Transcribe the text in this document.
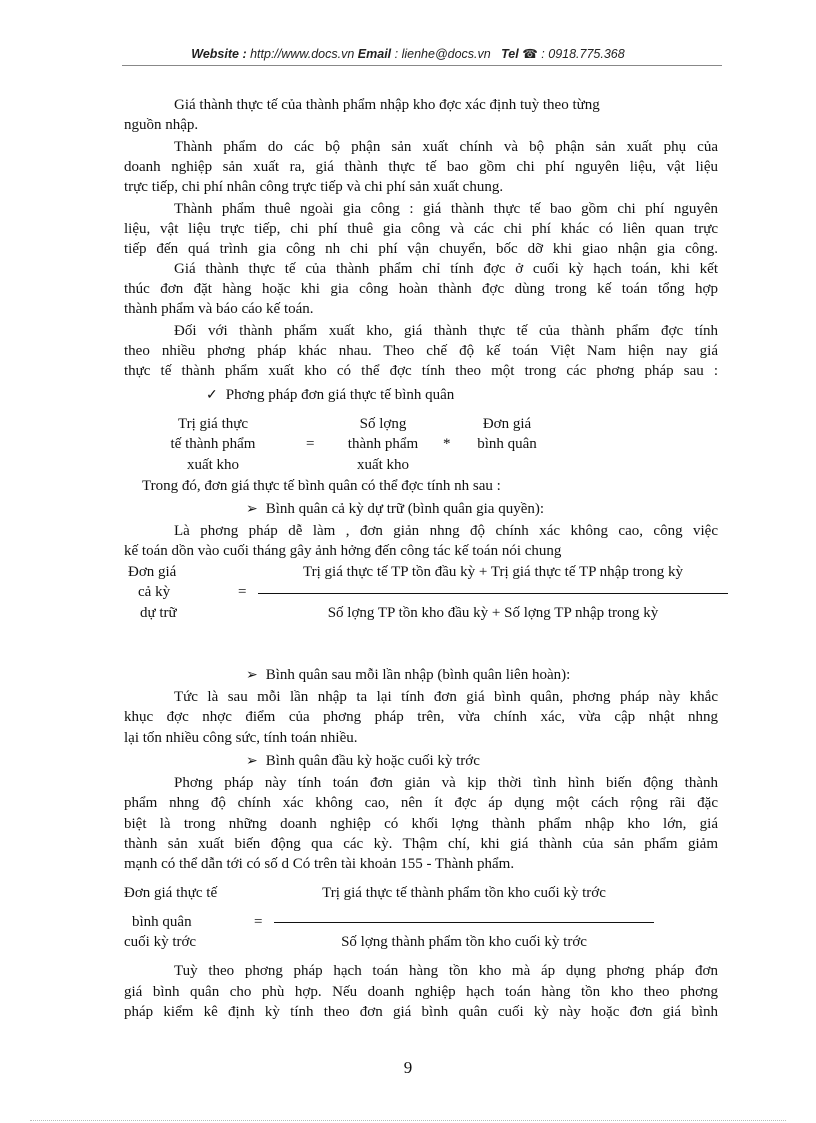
Website : http://www.docs.vn Email : lienhe@docs.vn Tel ☎ : 0918.775.368
Giá thành thực tế của thành phẩm nhập kho đợc xác định tuỳ theo từng
nguồn nhập.
Thành phẩm do các bộ phận sản xuất chính và bộ phận sản xuất phụ của
doanh nghiệp sản xuất ra, giá thành thực tế bao gồm chi phí nguyên liệu, vật liệu
trực tiếp, chi phí nhân công trực tiếp và chi phí sản xuất chung.
Thành phẩm thuê ngoài gia công : giá thành thực tế bao gồm chi phí nguyên
liệu, vật liệu trực tiếp, chi phí thuê gia công và các chi phí khác có liên quan trực
tiếp đến quá trình gia công nh chi phí vận chuyển, bốc dỡ khi giao nhận gia công.
Giá thành thực tế của thành phẩm chỉ tính đợc ở cuối kỳ hạch toán, khi kết
thúc đơn đặt hàng hoặc khi gia công hoàn thành đợc dùng trong kế toán tổng hợp
thành phẩm và báo cáo kế toán.
Đối với thành phẩm xuất kho, giá thành thực tế của thành phẩm đợc tính
theo nhiều phơng pháp khác nhau. Theo chế độ kế toán Việt Nam hiện nay giá
thực tế thành phẩm xuất kho có thể đợc tính theo một trong các phơng pháp sau :
✓ Phơng pháp đơn giá thực tế bình quân
Trị giá thực
tế thành phẩm
xuất kho
=
Số lợng
thành phẩm
xuất kho
*
Đơn giá
bình quân
Trong đó, đơn giá thực tế bình quân có thể đợc tính nh sau :
➢ Bình quân cả kỳ dự trữ (bình quân gia quyền):
Là phơng pháp dễ làm , đơn giản nhng độ chính xác không cao, công việc
kế toán dồn vào cuối tháng gây ảnh hởng đến công tác kế toán nói chung
Đơn giá
cả kỳ
dự trữ
=
Trị giá thực tế TP tồn đầu kỳ + Trị giá thực tế TP nhập trong kỳ
Số lợng TP tồn kho đầu kỳ + Số lợng TP nhập trong kỳ
➢ Bình quân sau mỗi lần nhập (bình quân liên hoàn):
Tức là sau mỗi lần nhập ta lại tính đơn giá bình quân, phơng pháp này khắc
khục đợc nhợc điểm của phơng pháp trên, vừa chính xác, vừa cập nhật nhng
lại tốn nhiều công sức, tính toán nhiều.
➢ Bình quân đầu kỳ hoặc cuối kỳ trớc
Phơng pháp này tính toán đơn giản và kịp thời tình hình biến động thành
phẩm nhng độ chính xác không cao, nên ít đợc áp dụng một cách rộng rãi đặc
biệt là trong những doanh nghiệp có khối lợng thành phẩm nhập kho lớn, giá
thành sản xuất biến động qua các kỳ. Thậm chí, khi giá thành của sản phẩm giảm
mạnh có thể dẫn tới có số d Có trên tài khoản 155 - Thành phẩm.
Đơn giá thực tế
bình quân
cuối kỳ trớc
=
Trị giá thực tế thành phẩm tồn kho cuối kỳ trớc
Số lợng thành phẩm tồn kho cuối kỳ trớc
Tuỳ theo phơng pháp hạch toán hàng tồn kho mà áp dụng phơng pháp đơn
giá bình quân cho phù hợp. Nếu doanh nghiệp hạch toán hàng tồn kho theo phơng
pháp kiểm kê định kỳ tính theo đơn giá bình quân cuối kỳ này hoặc đơn giá bình
9
